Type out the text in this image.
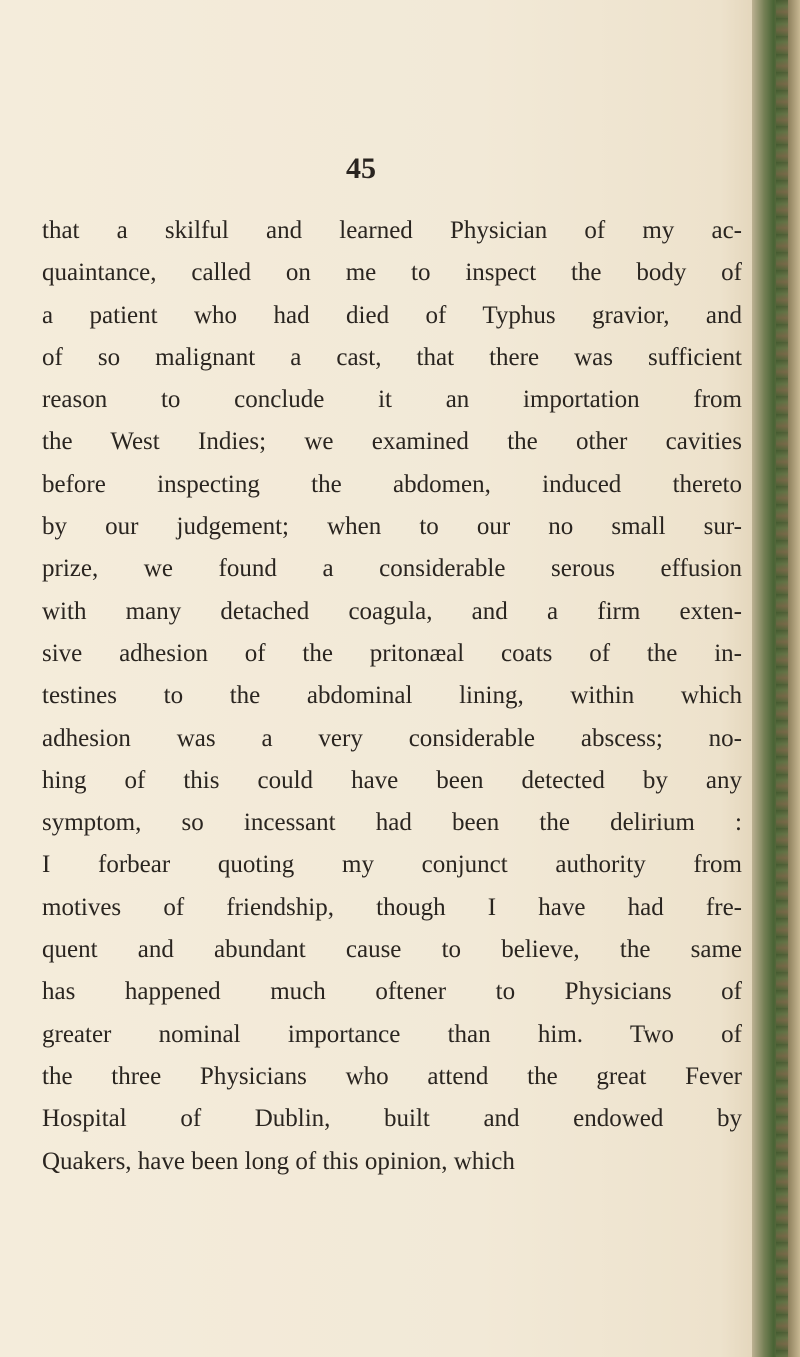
45
that a skilful and learned Physician of my ac-
quaintance, called on me to inspect the body of
a patient who had died of Typhus gravior, and
of so malignant a cast, that there was sufficient
reason to conclude it an importation from
the West Indies; we examined the other cavities
before inspecting the abdomen, induced thereto
by our judgement; when to our no small sur-
prize, we found a considerable serous effusion
with many detached coagula, and a firm exten-
sive adhesion of the pritonæal coats of the in-
testines to the abdominal lining, within which
adhesion was a very considerable abscess; no-
hing of this could have been detected by any
symptom, so incessant had been the delirium :
I forbear quoting my conjunct authority from
motives of friendship, though I have had fre-
quent and abundant cause to believe, the same
has happened much oftener to Physicians of
greater nominal importance than him. Two of
the three Physicians who attend the great Fever
Hospital of Dublin, built and endowed by
Quakers, have been long of this opinion, which
